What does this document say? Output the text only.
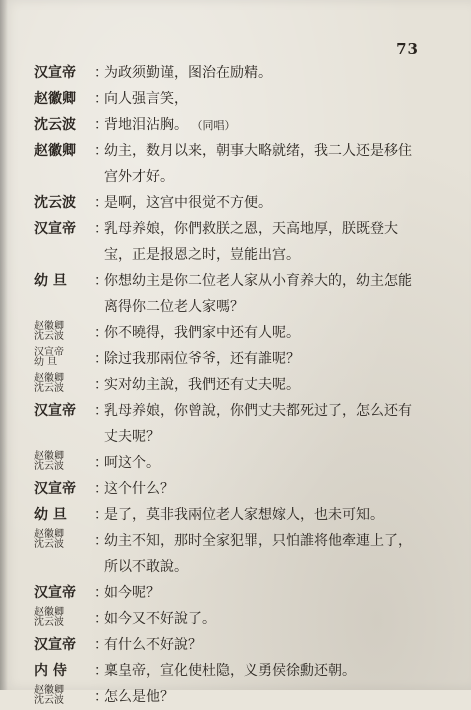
73
汉宣帝	：
为政须勤谨，图治在励精。
赵徽卿	：
向人强言笑，
沈云波	：
背地泪沾胸。 （同唱）
赵徽卿	：
幼主，数月以来，朝事大略就绪，我二人还是移住
宫外才好。
沈云波	：
是啊，这宫中很觉不方便。
汉宣帝	：
乳母养娘，你們救朕之恩，天高地厚，朕既登大
宝，正是报恩之时，豈能出宫。
幼 旦	：
你想幼主是你二位老人家从小育养大的，幼主怎能
离得你二位老人家嗎？
赵徽卿
沈云波	：
你不曉得，我們家中还有人呢。
汉宣帝
幼 旦	：
除过我那兩位爷爷，还有誰呢？
赵徽卿
沈云波	：
实对幼主說，我們还有丈夫呢。
汉宣帝	：
乳母养娘，你曾說，你們丈夫都死过了，怎么还有
丈夫呢？
赵徽卿
沈云波	：
呵这个。
汉宣帝	：
这个什么？
幼 旦	：
是了，莫非我兩位老人家想嫁人，也未可知。
赵徽卿
沈云波	：
幼主不知，那时全家犯罪，只怕誰将他牽連上了，
所以不敢說。
汉宣帝	：
如今呢？
赵徽卿
沈云波	：
如今又不好說了。
汉宣帝	：
有什么不好說？
内 侍	：
稟皇帝，宣化使杜隐，义勇侯徐勳还朝。
赵徽卿
沈云波	：
怎么是他？
